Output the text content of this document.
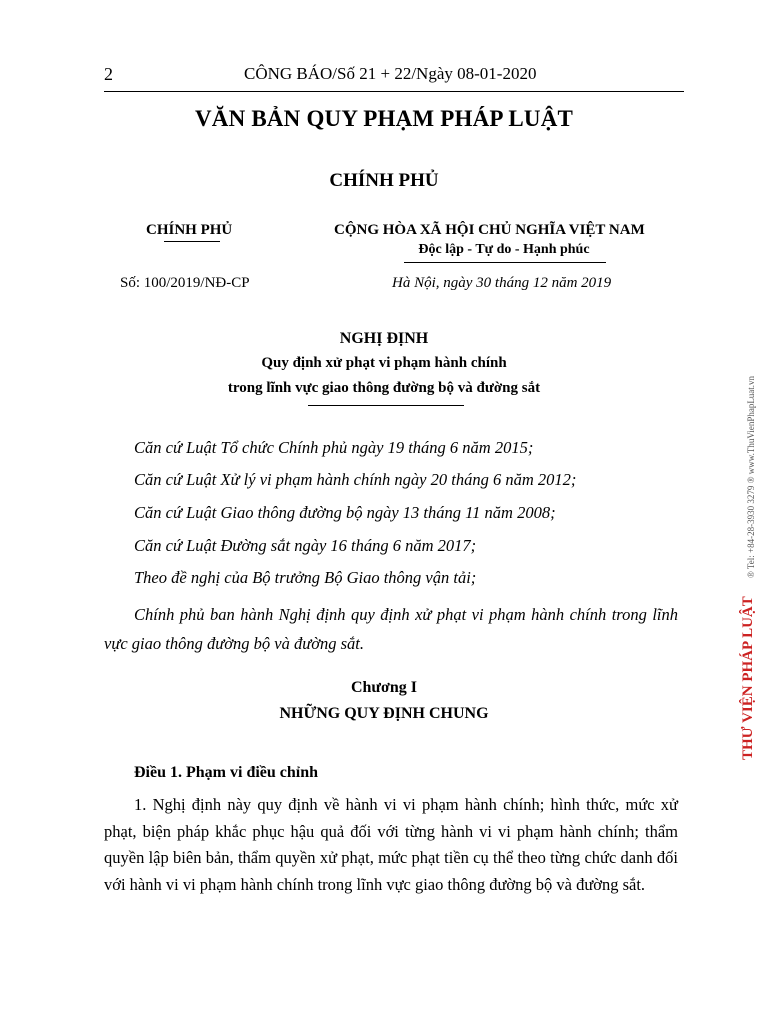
2	CÔNG BÁO/Số 21 + 22/Ngày 08-01-2020
VĂN BẢN QUY PHẠM PHÁP LUẬT
CHÍNH PHỦ
CHÍNH PHỦ	CỘNG HÒA XÃ HỘI CHỦ NGHĨA VIỆT NAM
Độc lập - Tự do - Hạnh phúc
Số: 100/2019/NĐ-CP	Hà Nội, ngày 30 tháng 12 năm 2019
NGHỊ ĐỊNH
Quy định xử phạt vi phạm hành chính
trong lĩnh vực giao thông đường bộ và đường sắt
Căn cứ Luật Tổ chức Chính phủ ngày 19 tháng 6 năm 2015;
Căn cứ Luật Xử lý vi phạm hành chính ngày 20 tháng 6 năm 2012;
Căn cứ Luật Giao thông đường bộ ngày 13 tháng 11 năm 2008;
Căn cứ Luật Đường sắt ngày 16 tháng 6 năm 2017;
Theo đề nghị của Bộ trưởng Bộ Giao thông vận tải;
Chính phủ ban hành Nghị định quy định xử phạt vi phạm hành chính trong lĩnh vực giao thông đường bộ và đường sắt.
Chương I
NHỮNG QUY ĐỊNH CHUNG
Điều 1. Phạm vi điều chỉnh
1. Nghị định này quy định về hành vi vi phạm hành chính; hình thức, mức xử phạt, biện pháp khắc phục hậu quả đối với từng hành vi vi phạm hành chính; thẩm quyền lập biên bản, thẩm quyền xử phạt, mức phạt tiền cụ thể theo từng chức danh đối với hành vi vi phạm hành chính trong lĩnh vực giao thông đường bộ và đường sắt.
THƯ VIỆN PHÁP LUẬT
® Tel: +84-28-3930 3279 ® www.ThuVienPhapLuat.vn
